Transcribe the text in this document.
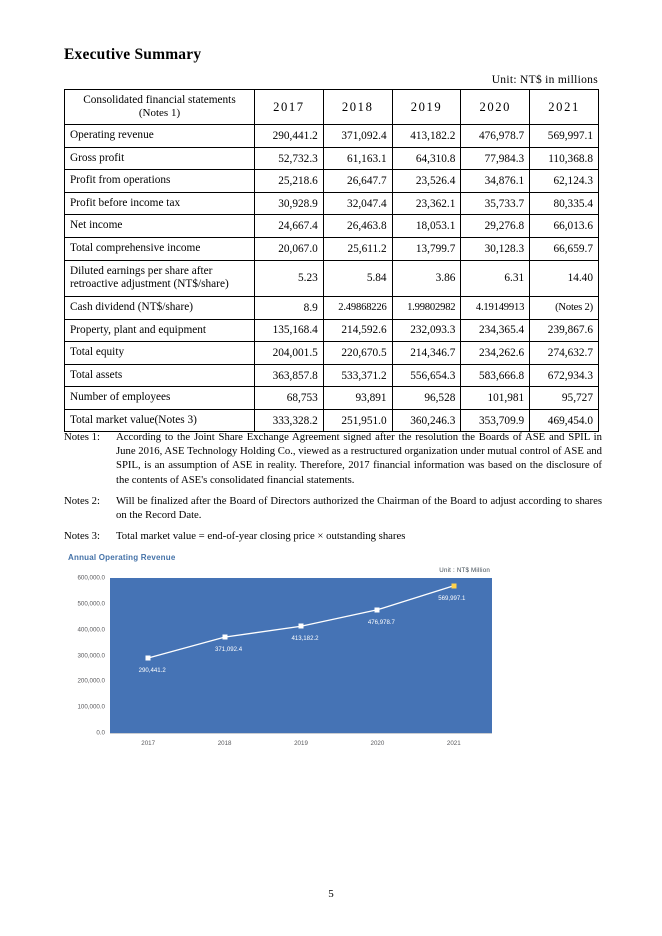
Executive Summary
Unit: NT$ in millions
Consolidated financial statements
(Notes 1)	2017	2018	2019	2020	2021
Operating revenue	290,441.2	371,092.4	413,182.2	476,978.7	569,997.1
Gross profit	52,732.3	61,163.1	64,310.8	77,984.3	110,368.8
Profit from operations	25,218.6	26,647.7	23,526.4	34,876.1	62,124.3
Profit before income tax	30,928.9	32,047.4	23,362.1	35,733.7	80,335.4
Net income	24,667.4	26,463.8	18,053.1	29,276.8	66,013.6
Total comprehensive income	20,067.0	25,611.2	13,799.7	30,128.3	66,659.7
Diluted earnings per share after
retroactive adjustment (NT$/share)	5.23	5.84	3.86	6.31	14.40
Cash dividend (NT$/share)	8.9	2.49868226	1.99802982	4.19149913	(Notes 2)
Property, plant and equipment	135,168.4	214,592.6	232,093.3	234,365.4	239,867.6
Total equity	204,001.5	220,670.5	214,346.7	234,262.6	274,632.7
Total assets	363,857.8	533,371.2	556,654.3	583,666.8	672,934.3
Number of employees	68,753	93,891	96,528	101,981	95,727
Total market value(Notes 3)	333,328.2	251,951.0	360,246.3	353,709.9	469,454.0
Notes 1:	According to the Joint Share Exchange Agreement signed after the resolution the Boards of ASE and SPIL in June 2016, ASE Technology Holding Co., viewed as a restructured organization under mutual control of ASE and SPIL, is an assumption of ASE in reality. Therefore, 2017 financial information was based on the disclosure of the contents of ASE's consolidated financial statements.
Notes 2:	Will be finalized after the Board of Directors authorized the Chairman of the Board to adjust according to shares on the Record Date.
Notes 3:	Total market value = end-of-year closing price × outstanding shares
Annual Operating Revenue
Unit : NT$ Million
600,000.0
500,000.0
400,000.0
300,000.0
200,000.0
100,000.0
0.0
290,441.2
371,092.4
413,182.2
476,978.7
569,997.1
2017	2018	2019	2020	2021
5
